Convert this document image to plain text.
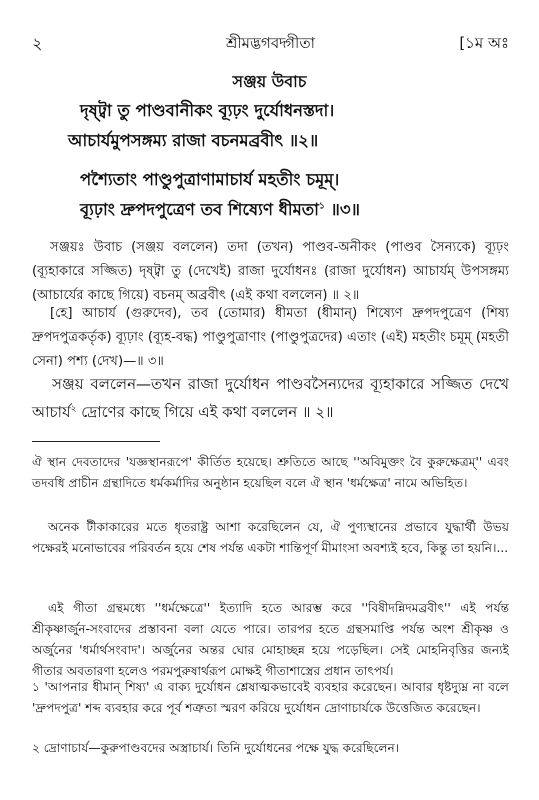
২	শ্রীমদ্ভগবদ্গীতা	[১ম অঃ
সঞ্জয় উবাচ
দৃষ্ট্বা তু পাণ্ডবানীকং ব্যূঢ়ং দুর্যোধনস্তদা।
আচার্যমুপসঙ্গম্য রাজা বচনমব্রবীৎ ॥২॥
পশ্যৈতাং পাণ্ডুপুত্রাণামাচার্য মহতীং চমূম্।
ব্যূঢ়াং দ্রুপদপুত্রেণ তব শিষ্যেণ ধীমতা$^১$ ॥৩॥

সঞ্জয়ঃ উবাচ (সঞ্জয় বললেন) তদা (তখন) পাণ্ডব-অনীকং (পাণ্ডব সৈন্যকে) ব্যূঢ়ং (ব্যূহাকারে সজ্জিত) দৃষ্ট্বা তু (দেখেই) রাজা দুর্যোধনঃ (রাজা দুর্যোধন) আচার্যম্‌ উপসঙ্গম্য (আচার্যের কাছে গিয়ে) বচনম্‌ অব্রবীৎ (এই কথা বললেন) ॥ ২॥

[হে] আচার্য (গুরুদেব), তব (তোমার) ধীমতা (ধীমান্‌) শিষ্যেণ দ্রুপদপুত্রেণ (শিষ্য দ্রুপদপুত্রকর্তৃক) ব্যূঢ়াং (ব্যূহ-বদ্ধ) পাণ্ডুপুত্রাণাং (পাণ্ডুপুত্রদের) এতাং (এই) মহতীং চমূম্‌ (মহতী সেনা) পশ্য (দেখ)—॥ ৩॥

সঞ্জয় বললেন—তখন রাজা দুর্যোধন পাণ্ডবসৈন্যদের ব্যূহাকারে সজ্জিত দেখে আচার্য$^২$ দ্রোণের কাছে গিয়ে এই কথা বললেন ॥ ২॥

ঐ স্থান দেবতাদের 'যজ্ঞস্থানরূপে' কীর্তিত হয়েছে। শ্রুতিতে আছে ''অবিমুক্তং বৈ কুরুক্ষেত্রম্‌'' এবং তদবধি প্রাচীন গ্রন্থাদিতে ধর্মকর্মাদির অনুষ্ঠান হয়েছিল বলে ঐ স্থান 'ধর্মক্ষেত্র' নামে অভিহিত।

অনেক টীকাকারের মতে ধৃতরাষ্ট্র আশা করেছিলেন যে, ঐ পুণ্যস্থানের প্রভাবে যুদ্ধার্থী উভয় পক্ষেরই মনোভাবের পরিবর্তন হয়ে শেষ পর্যন্ত একটা শান্তিপূর্ণ মীমাংসা অবশ্যই হবে, কিন্তু তা হয়নি।...

এই গীতা গ্রন্থমধ্যে ''ধর্মক্ষেত্রে'' ইত্যাদি হতে আরম্ভ করে ''বিষীদন্নিদমব্রবীৎ'' এই পর্যন্ত শ্রীকৃষ্ণার্জুন-সংবাদের প্রস্তাবনা বলা যেতে পারে। তারপর হতে গ্রন্থসমাপ্তি পর্যন্ত অংশ শ্রীকৃষ্ণ ও অর্জুনের 'ধর্মার্থসংবাদ'। অর্জুনের অন্তর ঘোর মোহাচ্ছন্ন হয়ে পড়েছিল। সেই মোহনিবৃত্তির জন্যই গীতার অবতারণা হলেও পরমপুরুষার্থরূপ মোক্ষই গীতাশাস্ত্রের প্রধান তাৎপর্য।

১ 'আপনার ধীমান্‌ শিষ্য' এ বাক্য দুর্যোধন শ্লেষাত্মকভাবেই ব্যবহার করেছেন। আবার ধৃষ্টদ্যুম্ন না বলে 'দ্রুপদপুত্র' শব্দ ব্যবহার করে পূর্ব শত্রুতা স্মরণ করিয়ে দুর্যোধন দ্রোণাচার্যকে উত্তেজিত করেছেন।

২ দ্রোণাচার্য—কুরুপাণ্ডবদের অস্ত্রাচার্য। তিনি দুর্যোধনের পক্ষে যুদ্ধ করেছিলেন।
